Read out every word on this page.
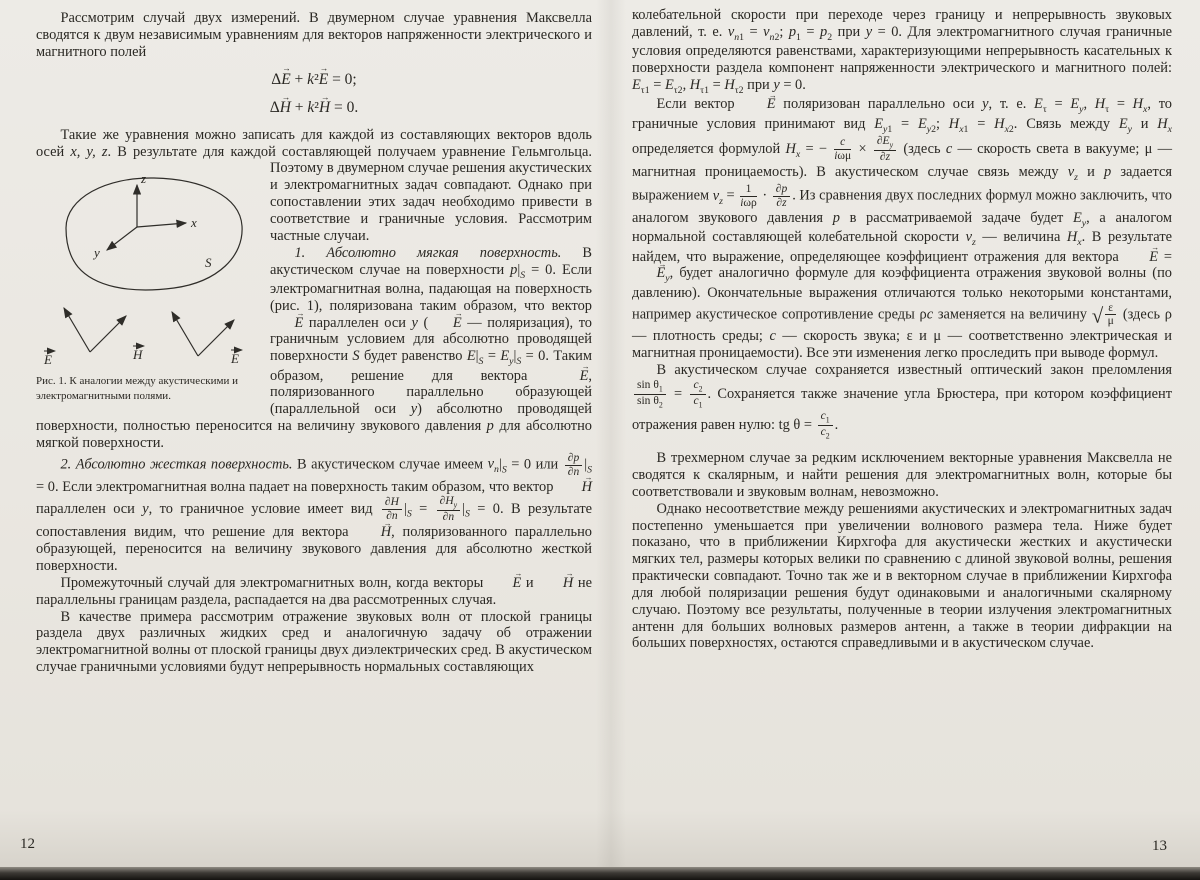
Рассмотрим случай двух измерений. В двумерном случае уравнения Максвелла сводятся к двум независимым уравнениям для векторов напряженности электрического и магнитного полей
ΔE → + k²E → = 0;
ΔH → + k²H → = 0.
Такие же уравнения можно записать для каждой из составляющих векторов вдоль осей x, y, z. В результате для каждой составляющей получаем уравнение Гельмгольца. Поэтому в двумерном случае
z
x
y
S
E	H	E
Рис. 1. К аналогии между акустическими и электромагнитными полями.
решения акустических и электромагнитных задач совпадают. Однако при сопоставлении этих задач необходимо привести в соответствие и граничные условия. Рассмотрим частные случаи.
1. Абсолютно мягкая поверхность. В акустическом случае на поверхности $p|_S = 0$. Если электромагнитная волна, падающая на поверхность (рис. 1), поляризована таким образом, что вектор E → параллелен оси y ( E → — поляризация), то граничным условием для абсолютно проводящей поверхности S будет равенство $E|_S = E_y|_S = 0$. Таким образом, решение для вектора E →, поляризованного параллельно образующей (параллельной оси y) абсолютно проводящей поверхности, полностью переносится на величину звукового давления p для абсолютно мягкой поверхности.
2. Абсолютно жесткая поверхность. В акустическом случае имеем $v_n|_S = 0$ или $\frac{\partial p}{\partial n} |_S = 0$. Если электромагнитная волна падает на поверхность таким образом, что вектор H → параллелен оси y, то граничное условие имеет вид $\frac{\partial H}{\partial n} |_S = \frac{\partial H_y}{\partial n} |_S = 0$. В результате сопоставления видим, что решение для вектора H →, поляризованного параллельно образующей, переносится на величину звукового давления для абсолютно жесткой поверхности.
Промежуточный случай для электромагнитных волн, когда векторы E → и H → не параллельны границам раздела, распадается на два рассмотренных случая.
В качестве примера рассмотрим отражение звуковых волн от плоской границы раздела двух различных жидких сред и аналогичную задачу об отражении электромагнитной волны от плоской границы двух диэлектрических сред. В акустическом случае граничными условиями будут непрерывность нормальных составляющих
колебательной скорости при переходе через границу и непрерывность звуковых давлений, т. е. $v_{n1} = v_{n2}$; $p_1 = p_2$ при y = 0. Для электромагнитного случая граничные условия определяются равенствами, характеризующими непрерывность касательных к поверхности раздела компонент напряженности электрического и магнитного полей: $E_{\tau 1} = E_{\tau 2}$, $H_{\tau 1} = H_{\tau 2}$ при y = 0.
Если вектор E → поляризован параллельно оси y, т. е. $E_\tau = E_y$, $H_\tau = H_x$, то граничные условия принимают вид $E_{y1} = E_{y2}$; $H_{x1} = H_{x2}$. Связь между $E_y$ и $H_x$ определяется формулой $H_x$ = − c
$i\omega\mu \times \frac{\partial E_y}{\partial z}$ (здесь c — скорость света в вакууме; μ — магнитная проницаемость). В акустическом случае связь между $v_z$ и p задается выражением $v_z = 1$
$i\omega\rho \cdot \frac{\partial p}{\partial z}$ . Из сравнения двух последних формул можно заключить, что аналогом звукового давления p в рассматриваемой задаче будет $E_y$, а аналогом нормальной составляющей колебательной скорости $v_z$ — величина $H_x$. В результате найдем, что выражение, определяющее коэффициент отражения для вектора E → = $E \to_y$, будет аналогично формуле для коэффициента отражения звуковой волны (по давлению). Окончательные выражения отличаются только некоторыми константами, например акустическое сопротивление среды ρc заменяется на величину √ $\frac{\varepsilon}{\mu}$ (здесь ρ — плотность среды; c — скорость звука; ε и μ — соответственно электрическая и магнитная проницаемости). Все эти изменения легко проследить при выводе формул.
В акустическом случае сохраняется известный оптический закон преломления
$\frac{\sin \theta_1}{\sin \theta_2} = \frac{c_2}{c_1}$ . Сохраняется также значение угла Брюстера, при котором коэффициент отражения равен нулю: tg $\theta = \frac{c_1}{c_2}$ .
В трехмерном случае за редким исключением векторные уравнения Максвелла не сводятся к скалярным, и найти решения для электромагнитных волн, которые бы соответствовали и звуковым волнам, невозможно.
Однако несоответствие между решениями акустических и электромагнитных задач постепенно уменьшается при увеличении волнового размера тела. Ниже будет показано, что в приближении Кирхгофа для акустически жестких и акустически мягких тел, размеры которых велики по сравнению с длиной звуковой волны, решения практически совпадают. Точно так же и в векторном случае в приближении Кирхгофа для любой поляризации решения будут одинаковыми и аналогичными скалярному случаю. Поэтому все результаты, полученные в теории излучения электромагнитных антенн для больших волновых размеров антенн, а также в теории дифракции на больших поверхностях, остаются справедливыми и в акустическом случае.
12	13
